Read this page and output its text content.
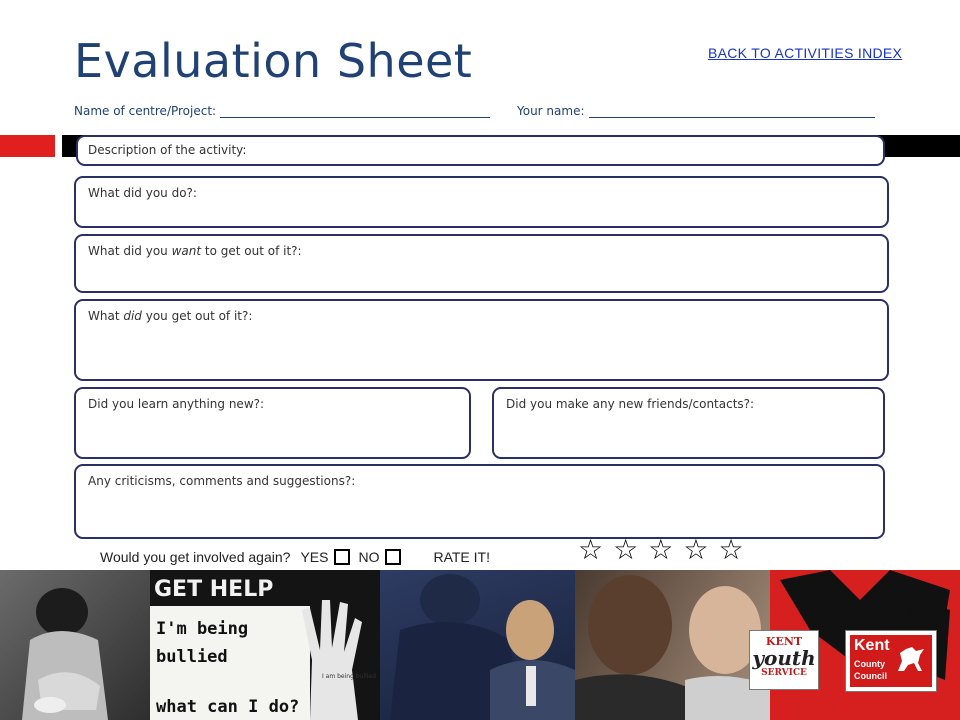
Evaluation Sheet	BACK TO ACTIVITIES INDEX
Name of centre/Project:	Your name:
Description of the activity:
What did you do?:
What did you want to get out of it?:
What did you get out of it?:
Did you learn anything new?:	Did you make any new friends/contacts?:
Any criticisms, comments and suggestions?:
Would you get involved again? YES NO	RATE IT!	☆ ☆ ☆ ☆ ☆
GET HELP
I'm being
bullied
what can I do?
I am being bullied
KENT
youth
SERVICE
Kent
County
Council
